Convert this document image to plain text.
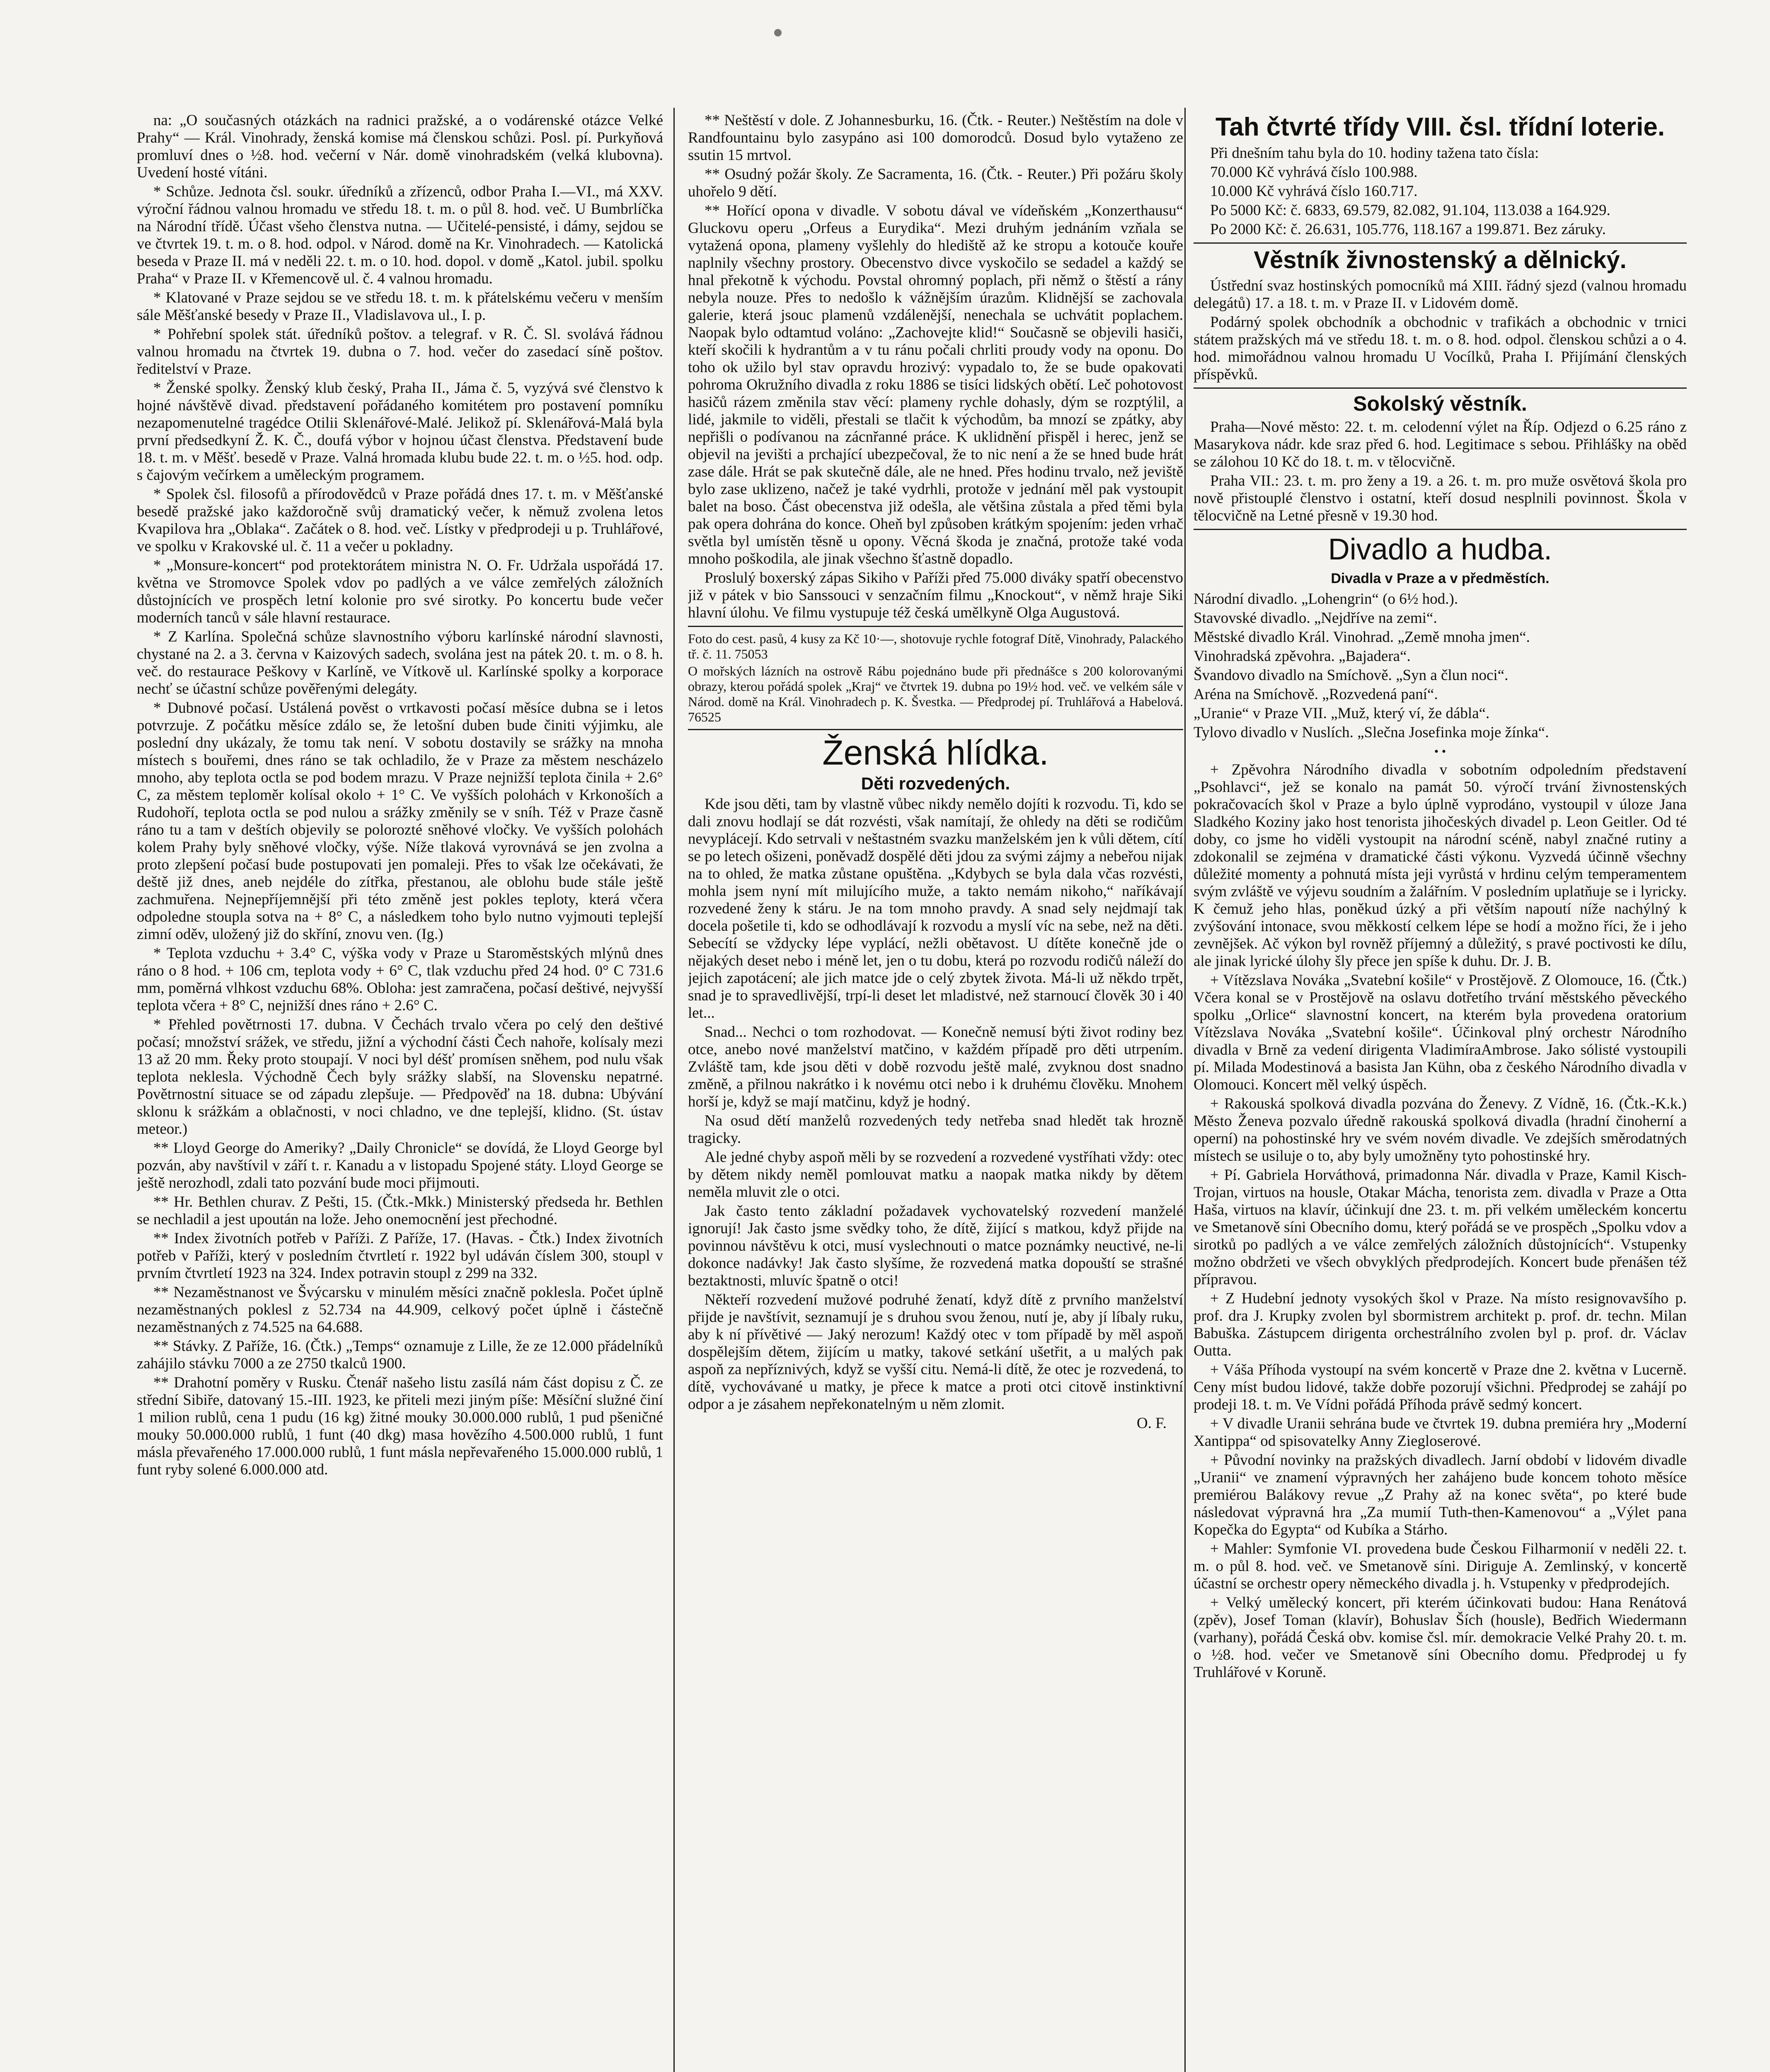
na: „O současných otázkách na radnici pražské, a o vodárenské otázce Velké Prahy“ — Král. Vinohrady, ženská komise má členskou schůzi. Posl. pí. Purkyňová promluví dnes o ½8. hod. večerní v Nár. domě vinohradském (velká klubovna). Uvedení hosté vítáni.

* Schůze. Jednota čsl. soukr. úředníků a zřízenců, odbor Praha I.—VI., má XXV. výroční řádnou valnou hromadu ve středu 18. t. m. o půl 8. hod. več. U Bumbrlíčka na Národní třídě. Účast všeho členstva nutna. — Učitelé-pensisté, i dámy, sejdou se ve čtvrtek 19. t. m. o 8. hod. odpol. v Národ. domě na Kr. Vinohradech. — Katolická beseda v Praze II. má v neděli 22. t. m. o 10. hod. dopol. v domě „Katol. jubil. spolku Praha“ v Praze II. v Křemencově ul. č. 4 valnou hromadu.

* Klatované v Praze sejdou se ve středu 18. t. m. k přátelskému večeru v menším sále Měšťanské besedy v Praze II., Vladislavova ul., I. p.

* Pohřební spolek stát. úředníků poštov. a telegraf. v R. Č. Sl. svolává řádnou valnou hromadu na čtvrtek 19. dubna o 7. hod. večer do zasedací síně poštov. ředitelství v Praze.

* Ženské spolky. Ženský klub český, Praha II., Jáma č. 5, vyzývá své členstvo k hojné návštěvě divad. představení pořádaného komitétem pro postavení pomníku nezapomenutelné tragédce Otilii Sklenářové-Malé. Jelikož pí. Sklenářová-Malá byla první předsedkyní Ž. K. Č., doufá výbor v hojnou účast členstva. Představení bude 18. t. m. v Měšť. besedě v Praze. Valná hromada klubu bude 22. t. m. o ½5. hod. odp. s čajovým večírkem a uměleckým programem.

* Spolek čsl. filosofů a přírodovědců v Praze pořádá dnes 17. t. m. v Měšťanské besedě pražské jako každoročně svůj dramatický večer, k němuž zvolena letos Kvapilova hra „Oblaka“. Začátek o 8. hod. več. Lístky v předprodeji u p. Truhlářové, ve spolku v Krakovské ul. č. 11 a večer u pokladny.

* „Monsure-koncert“ pod protektorátem ministra N. O. Fr. Udržala uspořádá 17. května ve Stromovce Spolek vdov po padlých a ve válce zemřelých záložních důstojnících ve prospěch letní kolonie pro své sirotky. Po koncertu bude večer moderních tanců v sále hlavní restaurace.

* Z Karlína. Společná schůze slavnostního výboru karlínské národní slavnosti, chystané na 2. a 3. června v Kaizových sadech, svolána jest na pátek 20. t. m. o 8. h. več. do restaurace Peškovy v Karlíně, ve Vítkově ul. Karlínské spolky a korporace nechť se účastní schůze pověřenými delegáty.

* Dubnové počasí. Ustálená pověst o vrtkavosti počasí měsíce dubna se i letos potvrzuje. Z počátku měsíce zdálo se, že letošní duben bude činiti výjimku, ale poslední dny ukázaly, že tomu tak není. V sobotu dostavily se srážky na mnoha místech s bouřemi, dnes ráno se tak ochladilo, že v Praze za městem nescházelo mnoho, aby teplota octla se pod bodem mrazu. V Praze nejnižší teplota činila + 2.6° C, za městem teploměr kolísal okolo + 1° C. Ve vyšších polohách v Krkonoších a Rudohoří, teplota octla se pod nulou a srážky změnily se v sníh. Též v Praze časně ráno tu a tam v deštích objevily se polorozté sněhové vločky. Ve vyšších polohách kolem Prahy byly sněhové vločky, výše. Níže tlaková vyrovnává se jen zvolna a proto zlepšení počasí bude postupovati jen pomaleji. Přes to však lze očekávati, že deště již dnes, aneb nejdéle do zítřka, přestanou, ale oblohu bude stále ještě zachmuřena. Nejnepříjemnější při této změně jest pokles teploty, která včera odpoledne stoupla sotva na + 8° C, a následkem toho bylo nutno vyjmouti teplejší zimní oděv, uložený již do skříní, znovu ven. (Ig.)

* Teplota vzduchu + 3.4° C, výška vody v Praze u Staroměstských mlýnů dnes ráno o 8 hod. + 106 cm, teplota vody + 6° C, tlak vzduchu před 24 hod. 0° C 731.6 mm, poměrná vlhkost vzduchu 68%. Obloha: jest zamračena, počasí deštivé, nejvyšší teplota včera + 8° C, nejnižší dnes ráno + 2.6° C.

* Přehled povětrnosti 17. dubna. V Čechách trvalo včera po celý den deštivé počasí; množství srážek, ve středu, jižní a východní části Čech nahoře, kolísaly mezi 13 až 20 mm. Řeky proto stoupají. V noci byl déšť promísen sněhem, pod nulu však teplota neklesla. Východně Čech byly srážky slabší, na Slovensku nepatrné. Povětrnostní situace se od západu zlepšuje. — Předpověď na 18. dubna: Ubývání sklonu k srážkám a oblačnosti, v noci chladno, ve dne teplejší, klidno. (St. ústav meteor.)

** Lloyd George do Ameriky? „Daily Chronicle“ se dovídá, že Lloyd George byl pozván, aby navštívil v září t. r. Kanadu a v listopadu Spojené státy. Lloyd George se ještě nerozhodl, zdali tato pozvání bude moci přijmouti.

** Hr. Bethlen churav. Z Pešti, 15. (Čtk.-Mkk.) Ministerský předseda hr. Bethlen se nechladil a jest upoután na lože. Jeho onemocnění jest přechodné.

** Index životních potřeb v Paříži. Z Paříže, 17. (Havas. - Čtk.) Index životních potřeb v Paříži, který v posledním čtvrtletí r. 1922 byl udáván číslem 300, stoupl v prvním čtvrtletí 1923 na 324. Index potravin stoupl z 299 na 332.

** Nezaměstnanost ve Švýcarsku v minulém měsíci značně poklesla. Počet úplně nezaměstnaných poklesl z 52.734 na 44.909, celkový počet úplně i částečně nezaměstnaných z 74.525 na 64.688.

** Stávky. Z Paříže, 16. (Čtk.) „Temps“ oznamuje z Lille, že ze 12.000 přádelníků zahájilo stávku 7000 a ze 2750 tkalců 1900.

** Drahotní poměry v Rusku. Čtenář našeho listu zasílá nám část dopisu z Č. ze střední Sibiře, datovaný 15.-III. 1923, ke přiteli mezi jiným píše: Měsíční služné činí 1 milion rublů, cena 1 pudu (16 kg) žitné mouky 30.000.000 rublů, 1 pud pšeničné mouky 50.000.000 rublů, 1 funt (40 dkg) masa hovězího 4.500.000 rublů, 1 funt másla převařeného 17.000.000 rublů, 1 funt másla nepřevařeného 15.000.000 rublů, 1 funt ryby solené 6.000.000 atd.

** Neštěstí v dole. Z Johannesburku, 16. (Čtk. - Reuter.) Neštěstím na dole v Randfountainu bylo zasypáno asi 100 domorodců. Dosud bylo vytaženo ze ssutin 15 mrtvol.

** Osudný požár školy. Ze Sacramenta, 16. (Čtk. - Reuter.) Při požáru školy uhořelo 9 dětí.

** Hořící opona v divadle. V sobotu dával ve vídeňském „Konzerthausu“ Gluckovu operu „Orfeus a Eurydika“. Mezi druhým jednáním vzňala se vytažená opona, plameny vyšlehly do hlediště až ke stropu a kotouče kouře naplnily všechny prostory. Obecenstvo divce vyskočilo se sedadel a každý se hnal překotně k východu. Povstal ohromný poplach, při němž o štěstí a rány nebyla nouze. Přes to nedošlo k vážnějším úrazům. Klidnější se zachovala galerie, která jsouc plamenů vzdálenější, nenechala se uchvátit poplachem. Naopak bylo odtamtud voláno: „Zachovejte klid!“ Současně se objevili hasiči, kteří skočili k hydrantům a v tu ránu počali chrliti proudy vody na oponu. Do toho ok užilo byl stav opravdu hrozivý: vypadalo to, že se bude opakovati pohroma Okružního divadla z roku 1886 se tisíci lidských obětí. Leč pohotovost hasičů rázem změnila stav věcí: plameny rychle dohasly, dým se rozptýlil, a lidé, jakmile to viděli, přestali se tlačit k východům, ba mnozí se zpátky, aby nepřišli o podívanou na zácnřanné práce. K uklidnění přispěl i herec, jenž se objevil na jevišti a prchající ubezpečoval, že to nic není a že se hned bude hrát zase dále. Hrát se pak skutečně dále, ale ne hned. Přes hodinu trvalo, než jeviště bylo zase uklizeno, načež je také vydrhli, protože v jednání měl pak vystoupit balet na boso. Část obecenstva již odešla, ale většina zůstala a před těmi byla pak opera dohrána do konce. Oheň byl způsoben krátkým spojením: jeden vrhač světla byl umístěn těsně u opony. Věcná škoda je značná, protože také voda mnoho poškodila, ale jinak všechno šťastně dopadlo.

Proslulý boxerský zápas Sikiho v Paříži před 75.000 diváky spatří obecenstvo již v pátek v bio Sanssouci v senzačním filmu „Knockout“, v němž hraje Siki hlavní úlohu. Ve filmu vystupuje též česká umělkyně Olga Augustová.

Foto do cest. pasů, 4 kusy za Kč 10·—, shotovuje rychle fotograf Dítě, Vinohrady, Palackého tř. č. 11. 75053

O mořských lázních na ostrově Rábu pojednáno bude při přednášce s 200 kolorovanými obrazy, kterou pořádá spolek „Kraj“ ve čtvrtek 19. dubna po 19½ hod. več. ve velkém sále v Národ. domě na Král. Vinohradech p. K. Švestka. — Předprodej pí. Truhlářová a Habelová. 76525

Ženská hlídka.
Děti rozvedených.

Kde jsou děti, tam by vlastně vůbec nikdy nemělo dojíti k rozvodu. Ti, kdo se dali znovu hodlají se dát rozvésti, však namítají, že ohledy na děti se rodičům nevyplácejí. Kdo setrvali v neštastném svazku manželském jen k vůli dětem, cítí se po letech ošizeni, poněvadž dospělé děti jdou za svými zájmy a nebeřou nijak na to ohled, že matka zůstane opuštěna. „Kdybych se byla dala včas rozvésti, mohla jsem nyní mít milujícího muže, a takto nemám nikoho,“ naříkávají rozvedené ženy k stáru. Je na tom mnoho pravdy. A snad sely nejdmají tak docela pošetile ti, kdo se odhodlávají k rozvodu a myslí víc na sebe, než na děti. Sebecítí se vždycky lépe vyplácí, nežli obětavost. U dítěte konečně jde o nějakých deset nebo i méně let, jen o tu dobu, která po rozvodu rodičů náleží do jejich zapotácení; ale jich matce jde o celý zbytek života. Má-li už někdo trpět, snad je to spravedlivější, trpí-li deset let mladistvé, než starnoucí člověk 30 i 40 let...

Snad... Nechci o tom rozhodovat. — Konečně nemusí býti život rodiny bez otce, anebo nové manželství matčino, v každém případě pro děti utrpením. Zvláště tam, kde jsou děti v době rozvodu ještě malé, zvyknou dost snadno změně, a přilnou nakrátko i k novému otci nebo i k druhému člověku. Mnohem horší je, když se mají matčinu, když je hodný.

Na osud dětí manželů rozvedených tedy netřeba snad hledět tak hrozně tragicky.

Ale jedné chyby aspoň měli by se rozvedení a rozvedené vystříhati vždy: otec by dětem nikdy neměl pomlouvat matku a naopak matka nikdy by dětem neměla mluvit zle o otci.

Jak často tento základní požadavek vychovatelský rozvedení manželé ignorují! Jak často jsme svědky toho, že dítě, žijící s matkou, když přijde na povinnou návštěvu k otci, musí vyslechnouti o matce poznámky neuctivé, ne-li dokonce nadávky! Jak často slyšíme, že rozvedená matka dopouští se strašné beztaktnosti, mluvíc špatně o otci!

Někteří rozvedení mužové podruhé ženatí, když dítě z prvního manželství přijde je navštívit, seznamují je s druhou svou ženou, nutí je, aby jí líbaly ruku, aby k ní přívětivé — Jaký nerozum! Každý otec v tom případě by měl aspoň dospělejším dětem, žijícím u matky, takové setkání ušetřit, a u malých pak aspoň za nepříznivých, když se vyšší citu. Nemá-li dítě, že otec je rozvedená, to dítě, vychovávané u matky, je přece k matce a proti otci citově instinktivní odpor a je zásahem nepřekonatelným u něm zlomit.

O. F.

Tah čtvrté třídy VIII. čsl. třídní loterie.

Při dnešním tahu byla do 10. hodiny tažena tato čísla:

70.000 Kč vyhrává číslo 100.988.

10.000 Kč vyhrává číslo 160.717.

Po 5000 Kč: č. 6833, 69.579, 82.082, 91.104, 113.038 a 164.929.

Po 2000 Kč: č. 26.631, 105.776, 118.167 a 199.871. Bez záruky.

Věstník živnostenský a dělnický.

Ústřední svaz hostinských pomocníků má XIII. řádný sjezd (valnou hromadu delegátů) 17. a 18. t. m. v Praze II. v Lidovém domě.

Podárný spolek obchodník a obchodnic v trafikách a obchodnic v trnici státem pražských má ve středu 18. t. m. o 8. hod. odpol. členskou schůzi a o 4. hod. mimořádnou valnou hromadu U Vocílků, Praha I. Přijímání členských příspěvků.

Sokolský věstník.

Praha—Nové město: 22. t. m. celodenní výlet na Říp. Odjezd o 6.25 ráno z Masarykova nádr. kde sraz před 6. hod. Legitimace s sebou. Přihlášky na oběd se zálohou 10 Kč do 18. t. m. v tělocvičně.

Praha VII.: 23. t. m. pro ženy a 19. a 26. t. m. pro muže osvětová škola pro nově přistouplé členstvo i ostatní, kteří dosud nesplnili povinnost. Škola v tělocvičně na Letné přesně v 19.30 hod.

Divadlo a hudba.
Divadla v Praze a v předměstích.

Národní divadlo. „Lohengrin“ (o 6½ hod.).

Stavovské divadlo. „Nejdříve na zemi“.

Městské divadlo Král. Vinohrad. „Země mnoha jmen“.

Vinohradská zpěvohra. „Bajadera“.

Švandovo divadlo na Smíchově. „Syn a člun noci“.

Aréna na Smíchově. „Rozvedená paní“.

„Uranie“ v Praze VII. „Muž, který ví, že dábla“.

Tylovo divadlo v Nuslích. „Slečna Josefinka moje žínka“.

• •

+ Zpěvohra Národního divadla v sobotním odpoledním představení „Psohlavci“, jež se konalo na památ 50. výročí trvání živnostenských pokračovacích škol v Praze a bylo úplně vyprodáno, vystoupil v úloze Jana Sladkého Koziny jako host tenorista jihočeských divadel p. Leon Geitler. Od té doby, co jsme ho viděli vystoupit na národní scéně, nabyl značné rutiny a zdokonalil se zejména v dramatické části výkonu. Vyzvedá účinně všechny důležité momenty a pohnutá místa jeji vyrůstá v hrdinu celým temperamentem svým zvláště ve výjevu soudním a žalářním. V posledním uplatňuje se i lyricky. K čemuž jeho hlas, poněkud úzký a při větším napoutí níže nachýlný k zvýšování intonace, svou měkkostí celkem lépe se hodí a možno říci, že i jeho zevnějšek. Ač výkon byl rovněž příjemný a důležitý, s pravé poctivosti ke dílu, ale jinak lyrické úlohy šly přece jen spíše k duhu. Dr. J. B.

+ Vítězslava Nováka „Svatební košile“ v Prostějově. Z Olomouce, 16. (Čtk.) Včera konal se v Prostějově na oslavu dotřetího trvání městského pěveckého spolku „Orlice“ slavnostní koncert, na kterém byla provedena oratorium Vítězslava Nováka „Svatební košile“. Účinkoval plný orchestr Národního divadla v Brně za vedení dirigenta VladimíraAmbrose. Jako sólisté vystoupili pí. Milada Modestinová a basista Jan Kühn, oba z českého Národního divadla v Olomouci. Koncert měl velký úspěch.

+ Rakouská spolková divadla pozvána do Ženevy. Z Vídně, 16. (Čtk.-K.k.) Město Ženeva pozvalo úředně rakouská spolková divadla (hradní činoherní a operní) na pohostinské hry ve svém novém divadle. Ve zdejších směrodatných místech se usiluje o to, aby byly umožněny tyto pohostinské hry.

+ Pí. Gabriela Horváthová, primadonna Nár. divadla v Praze, Kamil Kisch-Trojan, virtuos na housle, Otakar Mácha, tenorista zem. divadla v Praze a Otta Haša, virtuos na klavír, účinkují dne 23. t. m. při velkém uměleckém koncertu ve Smetanově síni Obecního domu, který pořádá se ve prospěch „Spolku vdov a sirotků po padlých a ve válce zemřelých záložních důstojnících“. Vstupenky možno obdržeti ve všech obvyklých předprodejích. Koncert bude přenášen též přípravou.

+ Z Hudební jednoty vysokých škol v Praze. Na místo resignovavšího p. prof. dra J. Krupky zvolen byl sbormistrem architekt p. prof. dr. techn. Milan Babuška. Zástupcem dirigenta orchestrálního zvolen byl p. prof. dr. Václav Outta.

+ Váša Příhoda vystoupí na svém koncertě v Praze dne 2. května v Lucerně. Ceny míst budou lidové, takže dobře pozorují všichni. Předprodej se zahájí po prodeji 18. t. m. Ve Vídni pořádá Příhoda právě sedmý koncert.

+ V divadle Uranii sehrána bude ve čtvrtek 19. dubna premiéra hry „Moderní Xantippa“ od spisovatelky Anny Ziegloserové.

+ Původní novinky na pražských divadlech. Jarní období v lidovém divadle „Uranii“ ve znamení výpravných her zahájeno bude koncem tohoto měsíce premiérou Balákovy revue „Z Prahy až na konec světa“, po které bude následovat výpravná hra „Za mumií Tuth-then-Kamenovou“ a „Výlet pana Kopečka do Egypta“ od Kubíka a Stárho.

+ Mahler: Symfonie VI. provedena bude Českou Filharmonií v neděli 22. t. m. o půl 8. hod. več. ve Smetanově síni. Diriguje A. Zemlinský, v koncertě účastní se orchestr opery německého divadla j. h. Vstupenky v předprodejích.

+ Velký umělecký koncert, při kterém účinkovati budou: Hana Renátová (zpěv), Josef Toman (klavír), Bohuslav Ších (housle), Bedřich Wiedermann (varhany), pořádá Česká obv. komise čsl. mír. demokracie Velké Prahy 20. t. m. o ½8. hod. večer ve Smetanově síni Obecního domu. Předprodej u fy Truhlářové v Koruně.
